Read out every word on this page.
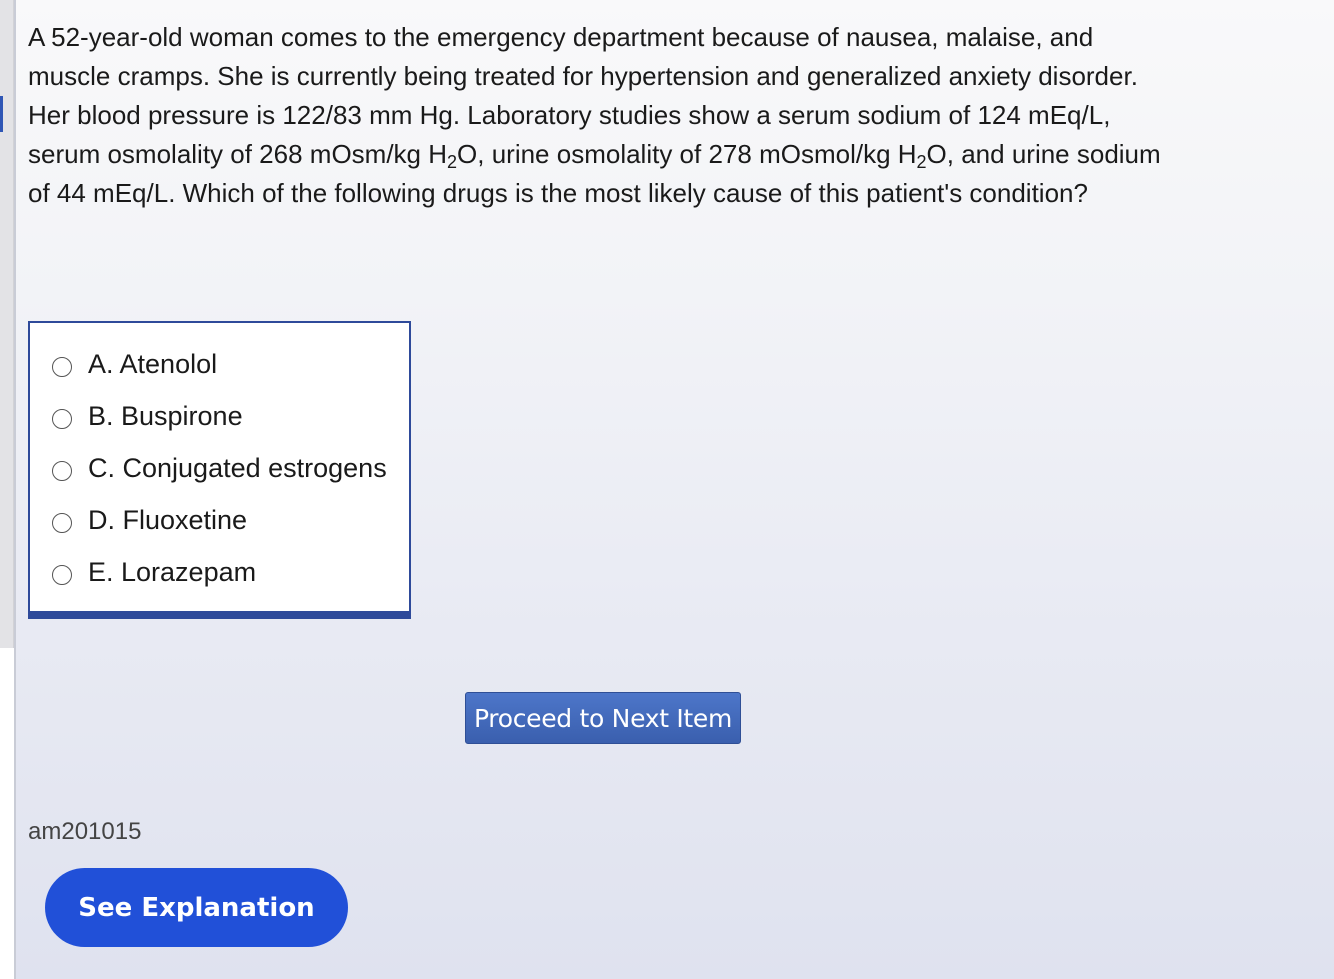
A 52-year-old woman comes to the emergency department because of nausea, malaise, and muscle cramps. She is currently being treated for hypertension and generalized anxiety disorder. Her blood pressure is 122/83 mm Hg. Laboratory studies show a serum sodium of 124 mEq/L, serum osmolality of 268 mOsm/kg $H_2O$, urine osmolality of 278 mOsmol/kg $H_2O$, and urine sodium of 44 mEq/L. Which of the following drugs is the most likely cause of this patient's condition?
A. Atenolol
B. Buspirone
C. Conjugated estrogens
D. Fluoxetine
E. Lorazepam
Proceed to Next Item
am201015
See Explanation
